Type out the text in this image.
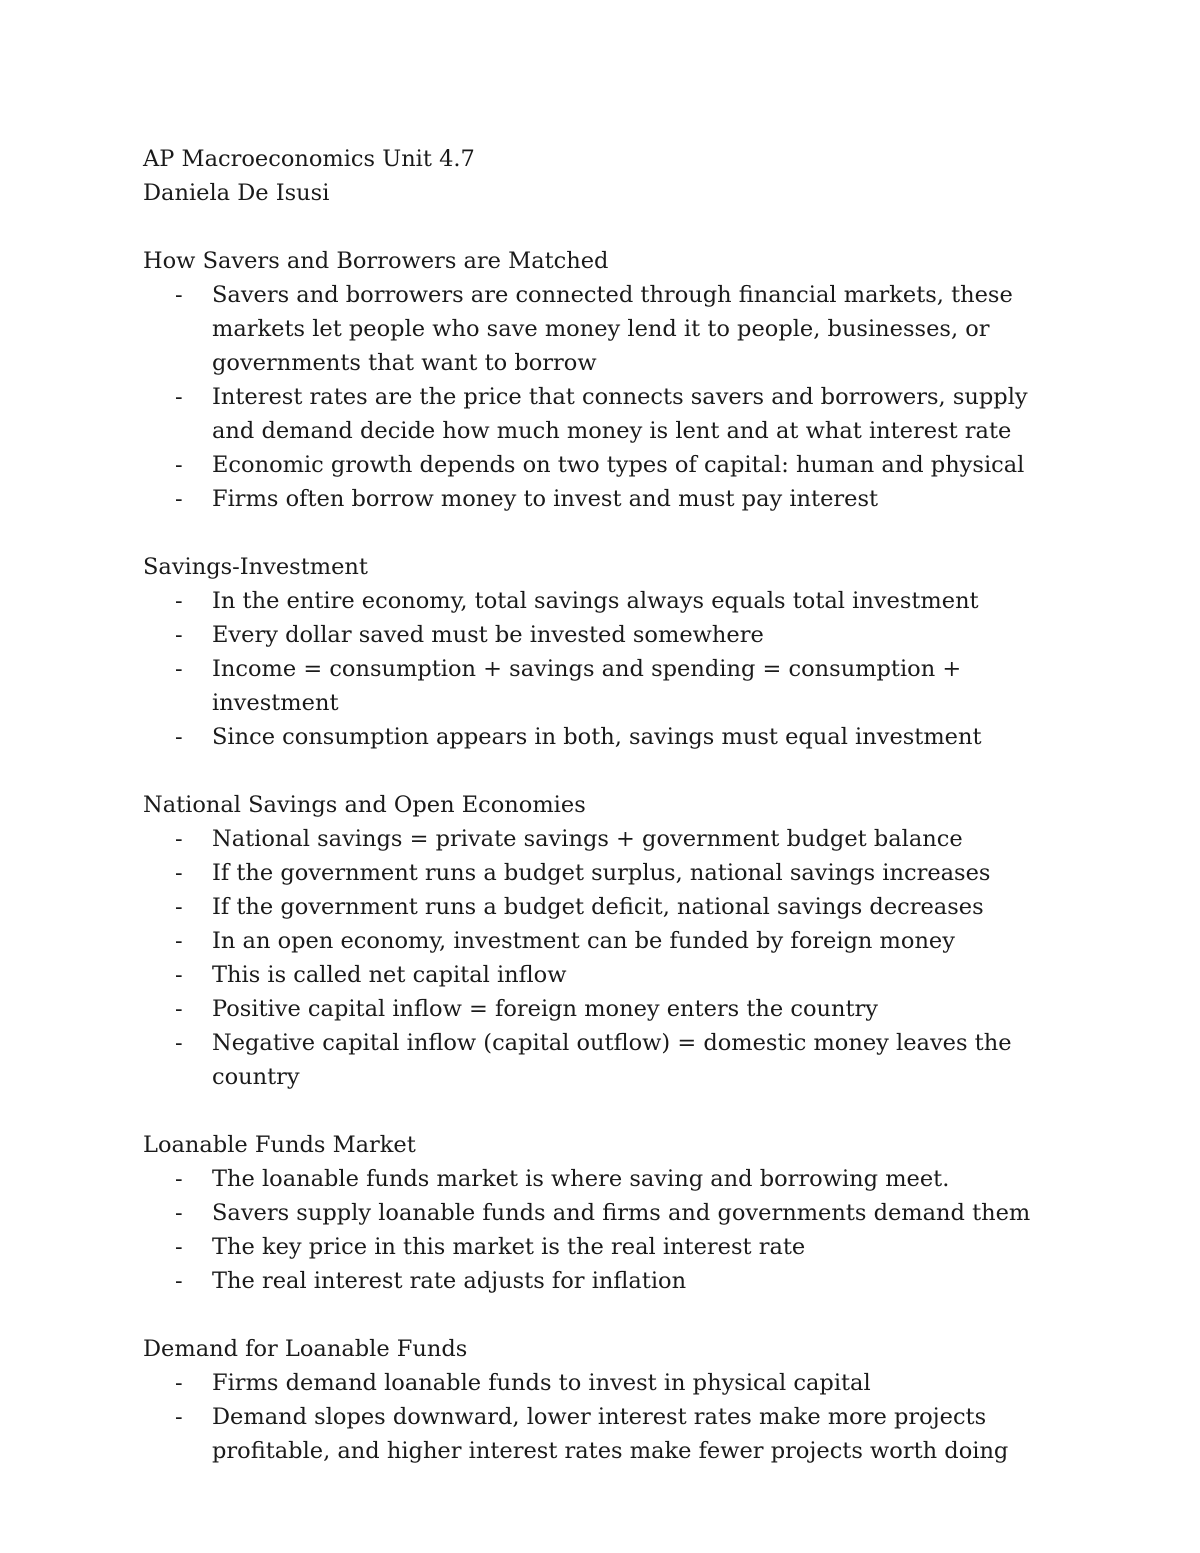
AP Macroeconomics Unit 4.7

Daniela De Isusi

How Savers and Borrowers are Matched

- Savers and borrowers are connected through financial markets, these markets let people who save money lend it to people, businesses, or governments that want to borrow
- Interest rates are the price that connects savers and borrowers, supply and demand decide how much money is lent and at what interest rate
- Economic growth depends on two types of capital: human and physical
- Firms often borrow money to invest and must pay interest

Savings-Investment

- In the entire economy, total savings always equals total investment
- Every dollar saved must be invested somewhere
- Income = consumption + savings and spending = consumption + investment
- Since consumption appears in both, savings must equal investment

National Savings and Open Economies

- National savings = private savings + government budget balance
- If the government runs a budget surplus, national savings increases
- If the government runs a budget deficit, national savings decreases
- In an open economy, investment can be funded by foreign money
- This is called net capital inflow
- Positive capital inflow = foreign money enters the country
- Negative capital inflow (capital outflow) = domestic money leaves the country

Loanable Funds Market

- The loanable funds market is where saving and borrowing meet.
- Savers supply loanable funds and firms and governments demand them
- The key price in this market is the real interest rate
- The real interest rate adjusts for inflation

Demand for Loanable Funds

- Firms demand loanable funds to invest in physical capital
- Demand slopes downward, lower interest rates make more projects profitable, and higher interest rates make fewer projects worth doing
